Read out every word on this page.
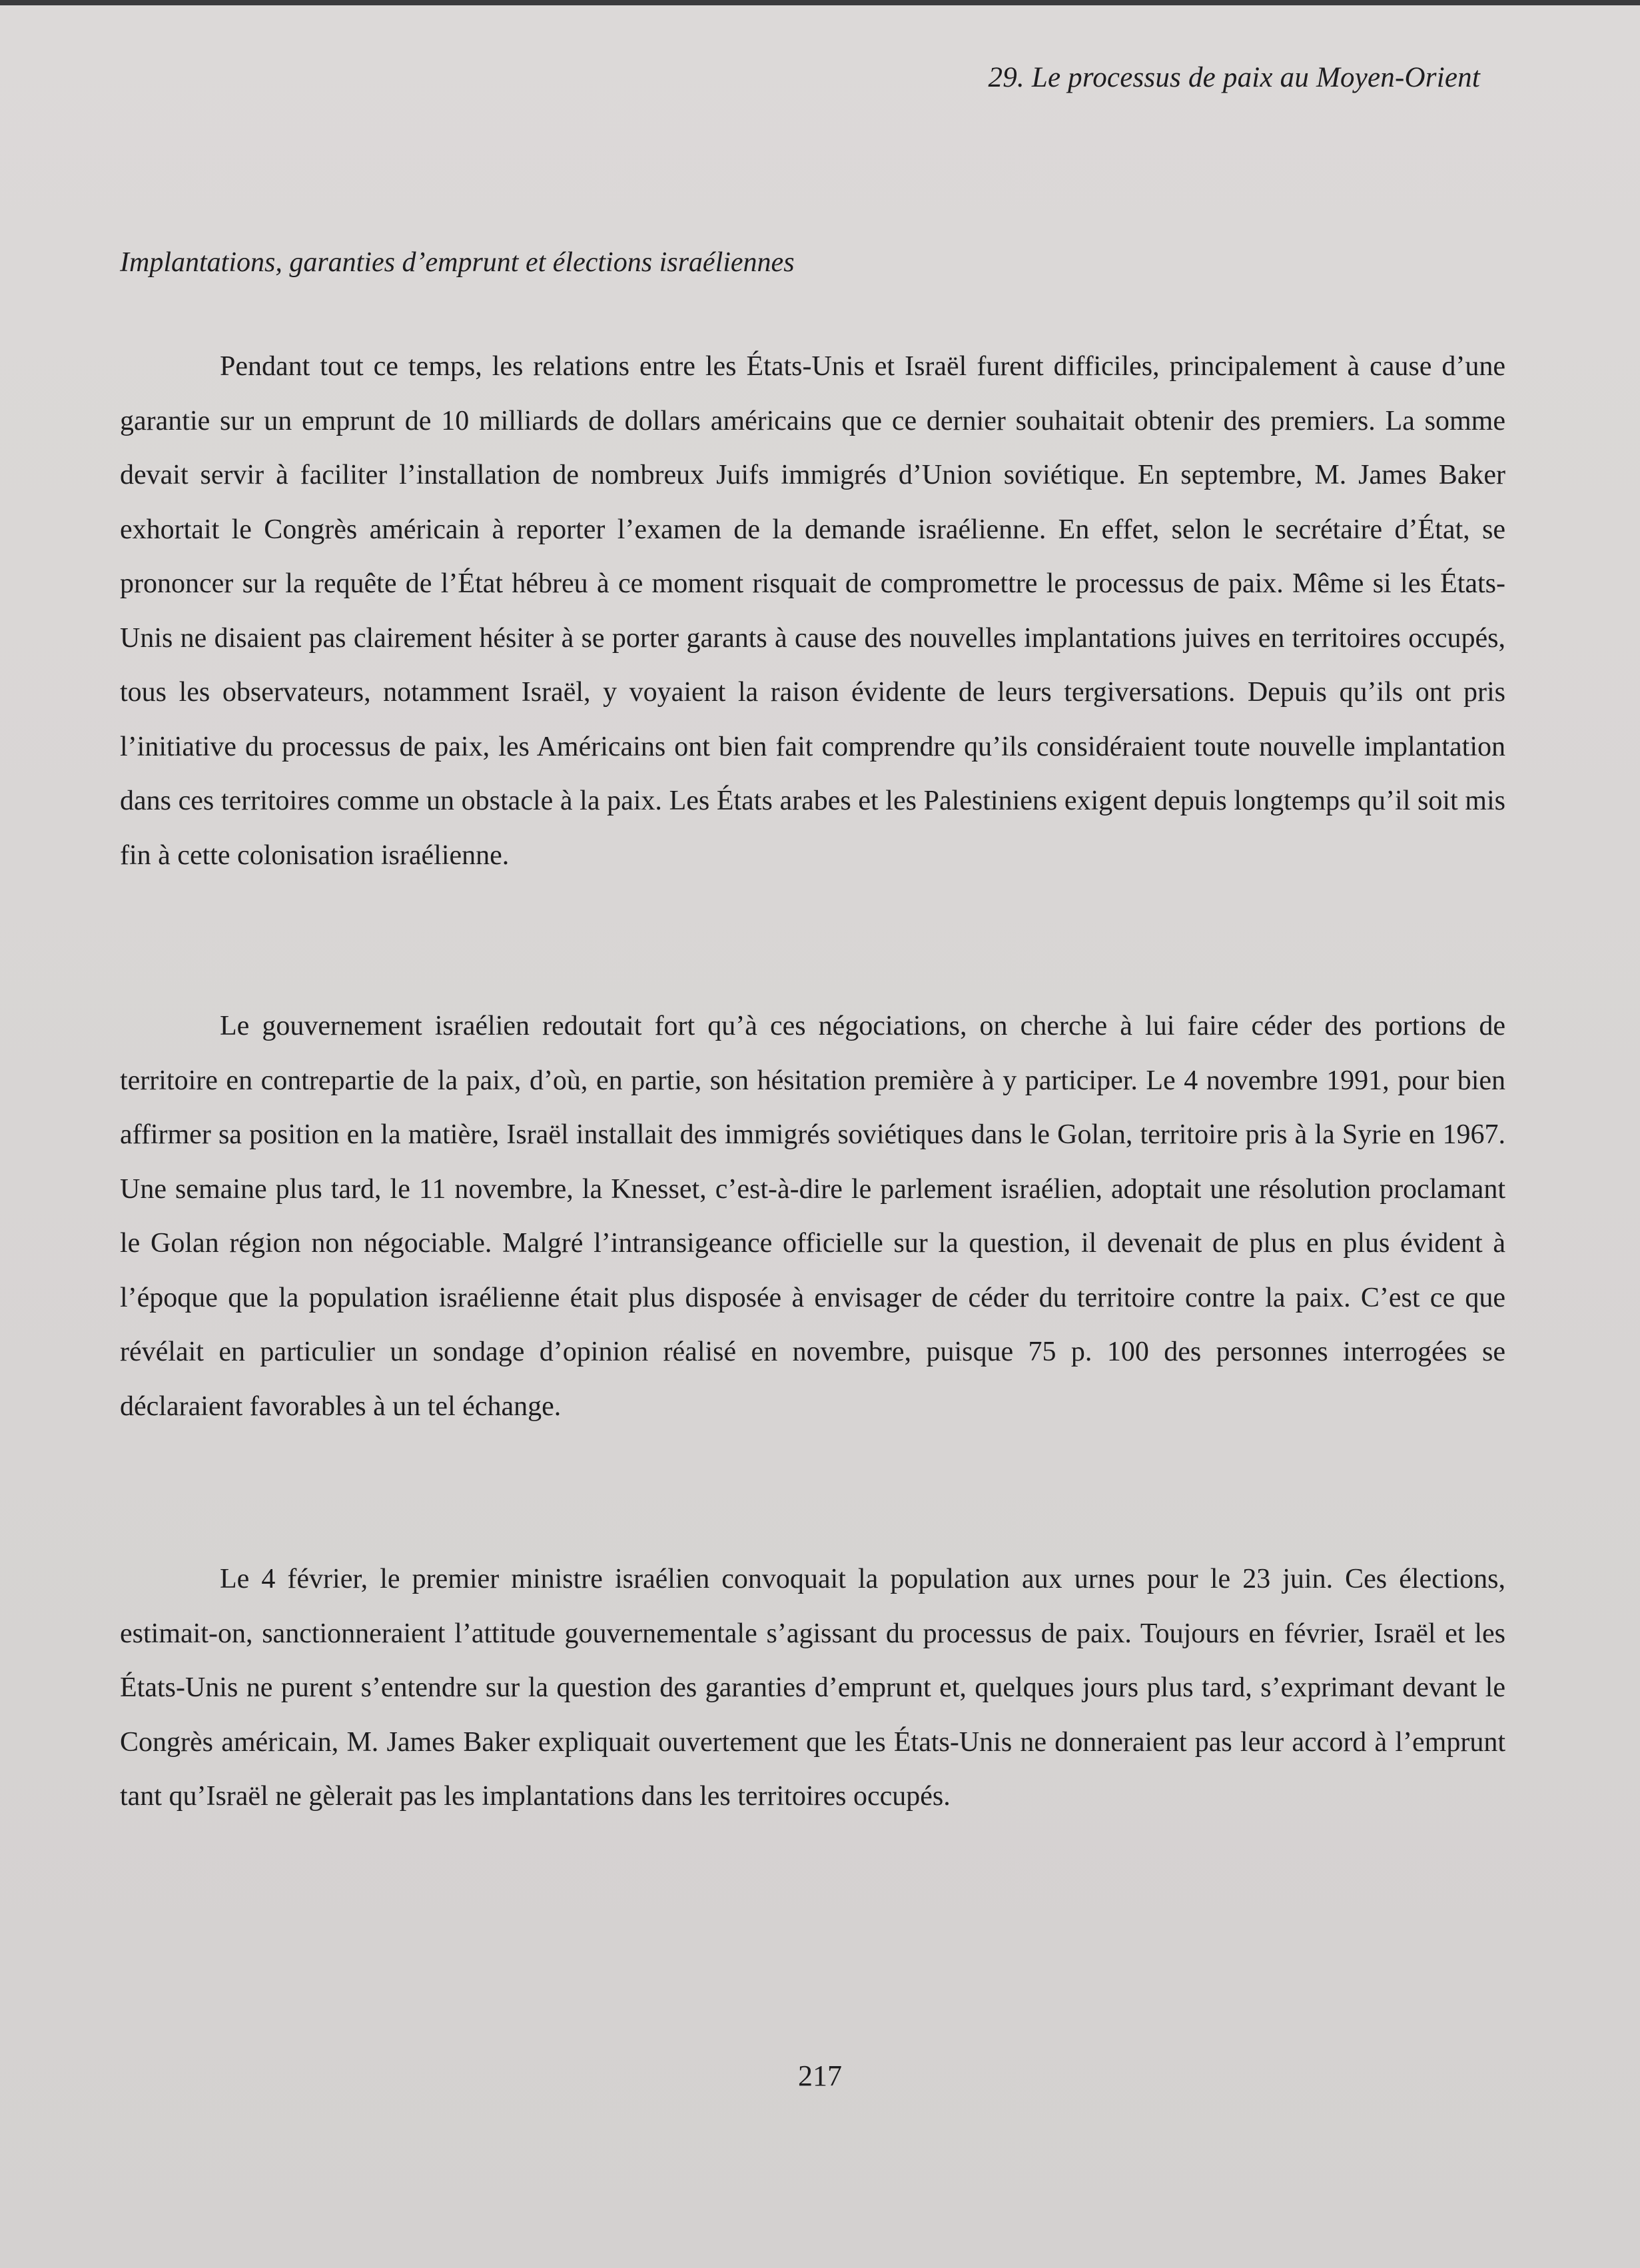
29. Le processus de paix au Moyen-Orient
Implantations, garanties d’emprunt et élections israéliennes

Pendant tout ce temps, les relations entre les États-Unis et Israël furent difficiles, principalement à cause d’une garantie sur un emprunt de 10 milliards de dollars américains que ce dernier souhaitait obtenir des premiers. La somme devait servir à faciliter l’installation de nombreux Juifs immigrés d’Union soviétique. En septembre, M. James Baker exhortait le Congrès américain à reporter l’examen de la demande israélienne. En effet, selon le secrétaire d’État, se prononcer sur la requête de l’État hébreu à ce moment risquait de compromettre le processus de paix. Même si les États-Unis ne disaient pas clairement hésiter à se porter garants à cause des nouvelles implantations juives en territoires occupés, tous les observateurs, notamment Israël, y voyaient la raison évidente de leurs tergiversations. Depuis qu’ils ont pris l’initiative du processus de paix, les Américains ont bien fait comprendre qu’ils considéraient toute nouvelle implantation dans ces territoires comme un obstacle à la paix. Les États arabes et les Palestiniens exigent depuis longtemps qu’il soit mis fin à cette colonisation israélienne.

Le gouvernement israélien redoutait fort qu’à ces négociations, on cherche à lui faire céder des portions de territoire en contrepartie de la paix, d’où, en partie, son hésitation première à y participer. Le 4 novembre 1991, pour bien affirmer sa position en la matière, Israël installait des immigrés soviétiques dans le Golan, territoire pris à la Syrie en 1967. Une semaine plus tard, le 11 novembre, la Knesset, c’est-à-dire le parlement israélien, adoptait une résolution proclamant le Golan région non négociable. Malgré l’intransigeance officielle sur la question, il devenait de plus en plus évident à l’époque que la population israélienne était plus disposée à envisager de céder du territoire contre la paix. C’est ce que révélait en particulier un sondage d’opinion réalisé en novembre, puisque 75 p. 100 des personnes interrogées se déclaraient favorables à un tel échange.

Le 4 février, le premier ministre israélien convoquait la population aux urnes pour le 23 juin. Ces élections, estimait-on, sanctionneraient l’attitude gouvernementale s’agissant du processus de paix. Toujours en février, Israël et les États-Unis ne purent s’entendre sur la question des garanties d’emprunt et, quelques jours plus tard, s’exprimant devant le Congrès américain, M. James Baker expliquait ouvertement que les États-Unis ne donneraient pas leur accord à l’emprunt tant qu’Israël ne gèlerait pas les implantations dans les territoires occupés.

217
